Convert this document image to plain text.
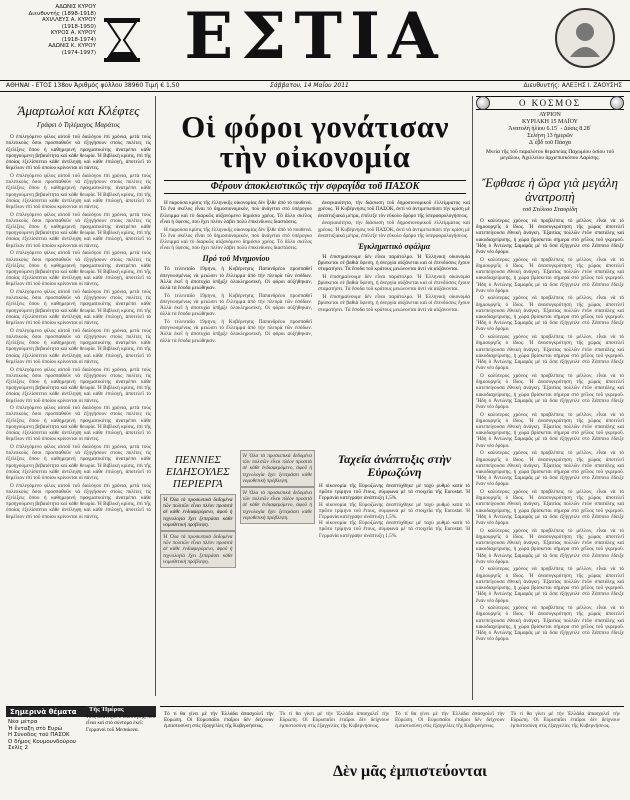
ΑΔΩΝΙΣ ΚΥΡΟΥ
Διευθυντής (1898-1918)
ΑΧΙΛΛΕΥΣ Α. ΚΥΡΟΥ
(1918-1950)
ΚΥΡΟΣ Α. ΚΥΡΟΥ
(1918-1974)
ΑΔΩΝΙΣ Κ. ΚΥΡΟΥ
(1974-1997)	ΕΣΤΙΑ
ΑΘΗΝΑΙ - ΕΤΟΣ 138ον Άριθμός φύλλου 38960 Τιμή € 1,50	Σάββατον, 14 Μαΐου 2011	Διευθυντής: ΑΛΕΞΗΣ Ι. ΖΑΟΥΣΗΣ
Άμαρτωλοί και Κλέφτες
Γράφει ὁ Τηλέμαχος Μαράτος

Ο ἐπιλεγόμενο φίλος αὐτοῦ τοῦ διαλόγου ἐπὶ χρόνια, μετὰ τοὺς πολιτικοὺς ὅσοι προσπαθοῦν νὰ ἐξηγήσουν στοὺς πολίτες τὶς ἐξελίξεις ὅπου ἡ καθημερινὴ πραγματικότης ἀνατρέπει κάθε προηγούμενη βεβαιότητα καὶ κάθε θεωρία. Ἡ Βιβλική κρίσις, ἐπὶ τῆς ὁποίας ἐξελίσσεται κάθε ἀντίληψη καὶ κάθε ἐπιλογή, ἀποτελεῖ τὸ θεμέλιον ἐπὶ τοῦ ὁποίου κρίνονται οἱ πάντες.

Ο ἐπιλεγόμενο φίλος αὐτοῦ τοῦ διαλόγου ἐπὶ χρόνια, μετὰ τοὺς πολιτικοὺς ὅσοι προσπαθοῦν νὰ ἐξηγήσουν στοὺς πολίτες τὶς ἐξελίξεις ὅπου ἡ καθημερινὴ πραγματικότης ἀνατρέπει κάθε προηγούμενη βεβαιότητα καὶ κάθε θεωρία. Ἡ Βιβλική κρίσις, ἐπὶ τῆς ὁποίας ἐξελίσσεται κάθε ἀντίληψη καὶ κάθε ἐπιλογή, ἀποτελεῖ τὸ θεμέλιον ἐπὶ τοῦ ὁποίου κρίνονται οἱ πάντες.

Ο ἐπιλεγόμενο φίλος αὐτοῦ τοῦ διαλόγου ἐπὶ χρόνια, μετὰ τοὺς πολιτικοὺς ὅσοι προσπαθοῦν νὰ ἐξηγήσουν στοὺς πολίτες τὶς ἐξελίξεις ὅπου ἡ καθημερινὴ πραγματικότης ἀνατρέπει κάθε προηγούμενη βεβαιότητα καὶ κάθε θεωρία. Ἡ Βιβλική κρίσις, ἐπὶ τῆς ὁποίας ἐξελίσσεται κάθε ἀντίληψη καὶ κάθε ἐπιλογή, ἀποτελεῖ τὸ θεμέλιον ἐπὶ τοῦ ὁποίου κρίνονται οἱ πάντες.

Ο ἐπιλεγόμενο φίλος αὐτοῦ τοῦ διαλόγου ἐπὶ χρόνια, μετὰ τοὺς πολιτικοὺς ὅσοι προσπαθοῦν νὰ ἐξηγήσουν στοὺς πολίτες τὶς ἐξελίξεις ὅπου ἡ καθημερινὴ πραγματικότης ἀνατρέπει κάθε προηγούμενη βεβαιότητα καὶ κάθε θεωρία. Ἡ Βιβλική κρίσις, ἐπὶ τῆς ὁποίας ἐξελίσσεται κάθε ἀντίληψη καὶ κάθε ἐπιλογή, ἀποτελεῖ τὸ θεμέλιον ἐπὶ τοῦ ὁποίου κρίνονται οἱ πάντες.

Ο ἐπιλεγόμενο φίλος αὐτοῦ τοῦ διαλόγου ἐπὶ χρόνια, μετὰ τοὺς πολιτικοὺς ὅσοι προσπαθοῦν νὰ ἐξηγήσουν στοὺς πολίτες τὶς ἐξελίξεις ὅπου ἡ καθημερινὴ πραγματικότης ἀνατρέπει κάθε προηγούμενη βεβαιότητα καὶ κάθε θεωρία. Ἡ Βιβλική κρίσις, ἐπὶ τῆς ὁποίας ἐξελίσσεται κάθε ἀντίληψη καὶ κάθε ἐπιλογή, ἀποτελεῖ τὸ θεμέλιον ἐπὶ τοῦ ὁποίου κρίνονται οἱ πάντες.

Ο ἐπιλεγόμενο φίλος αὐτοῦ τοῦ διαλόγου ἐπὶ χρόνια, μετὰ τοὺς πολιτικοὺς ὅσοι προσπαθοῦν νὰ ἐξηγήσουν στοὺς πολίτες τὶς ἐξελίξεις ὅπου ἡ καθημερινὴ πραγματικότης ἀνατρέπει κάθε προηγούμενη βεβαιότητα καὶ κάθε θεωρία. Ἡ Βιβλική κρίσις, ἐπὶ τῆς ὁποίας ἐξελίσσεται κάθε ἀντίληψη καὶ κάθε ἐπιλογή, ἀποτελεῖ τὸ θεμέλιον ἐπὶ τοῦ ὁποίου κρίνονται οἱ πάντες.

Ο ἐπιλεγόμενο φίλος αὐτοῦ τοῦ διαλόγου ἐπὶ χρόνια, μετὰ τοὺς πολιτικοὺς ὅσοι προσπαθοῦν νὰ ἐξηγήσουν στοὺς πολίτες τὶς ἐξελίξεις ὅπου ἡ καθημερινὴ πραγματικότης ἀνατρέπει κάθε προηγούμενη βεβαιότητα καὶ κάθε θεωρία. Ἡ Βιβλική κρίσις, ἐπὶ τῆς ὁποίας ἐξελίσσεται κάθε ἀντίληψη καὶ κάθε ἐπιλογή, ἀποτελεῖ τὸ θεμέλιον ἐπὶ τοῦ ὁποίου κρίνονται οἱ πάντες.

Ο ἐπιλεγόμενο φίλος αὐτοῦ τοῦ διαλόγου ἐπὶ χρόνια, μετὰ τοὺς πολιτικοὺς ὅσοι προσπαθοῦν νὰ ἐξηγήσουν στοὺς πολίτες τὶς ἐξελίξεις ὅπου ἡ καθημερινὴ πραγματικότης ἀνατρέπει κάθε προηγούμενη βεβαιότητα καὶ κάθε θεωρία. Ἡ Βιβλική κρίσις, ἐπὶ τῆς ὁποίας ἐξελίσσεται κάθε ἀντίληψη καὶ κάθε ἐπιλογή, ἀποτελεῖ τὸ θεμέλιον ἐπὶ τοῦ ὁποίου κρίνονται οἱ πάντες.

Ο ἐπιλεγόμενο φίλος αὐτοῦ τοῦ διαλόγου ἐπὶ χρόνια, μετὰ τοὺς πολιτικοὺς ὅσοι προσπαθοῦν νὰ ἐξηγήσουν στοὺς πολίτες τὶς ἐξελίξεις ὅπου ἡ καθημερινὴ πραγματικότης ἀνατρέπει κάθε προηγούμενη βεβαιότητα καὶ κάθε θεωρία. Ἡ Βιβλική κρίσις, ἐπὶ τῆς ὁποίας ἐξελίσσεται κάθε ἀντίληψη καὶ κάθε ἐπιλογή, ἀποτελεῖ τὸ θεμέλιον ἐπὶ τοῦ ὁποίου κρίνονται οἱ πάντες.

Ο ἐπιλεγόμενο φίλος αὐτοῦ τοῦ διαλόγου ἐπὶ χρόνια, μετὰ τοὺς πολιτικοὺς ὅσοι προσπαθοῦν νὰ ἐξηγήσουν στοὺς πολίτες τὶς ἐξελίξεις ὅπου ἡ καθημερινὴ πραγματικότης ἀνατρέπει κάθε προηγούμενη βεβαιότητα καὶ κάθε θεωρία. Ἡ Βιβλική κρίσις, ἐπὶ τῆς ὁποίας ἐξελίσσεται κάθε ἀντίληψη καὶ κάθε ἐπιλογή, ἀποτελεῖ τὸ θεμέλιον ἐπὶ τοῦ ὁποίου κρίνονται οἱ πάντες.

Οἱ φόροι γονάτισαν τὴν οἰκονομία
Φέρουν ἀποκλειστικῶς τὴν σφραγίδα τοῦ ΠΑΣΟΚ

Η παρούσα κρίσις τῆς ἑλληνικῆς οἰκονομίας δὲν ἦλθε ἀπὸ τὸ πουθενά. Τὸ ἕνα σκέλος εἶναι τὸ δημοσιονομικόν, ποὺ ἀνάγεται στὸ ὑπέρογκο ἔλλειμμα καὶ τὸ διαρκῶς αὐξανόμενο δημόσιο χρέος. Τὸ ἄλλο σκέλος εἶναι ἡ ὕφεσις, ποὺ ἔχει πλέον λάβει πολὺ ἐπικίνδυνες διαστάσεις.

Η παρούσα κρίσις τῆς ἑλληνικῆς οἰκονομίας δὲν ἦλθε ἀπὸ τὸ πουθενά. Τὸ ἕνα σκέλος εἶναι τὸ δημοσιονομικόν, ποὺ ἀνάγεται στὸ ὑπέρογκο ἔλλειμμα καὶ τὸ διαρκῶς αὐξανόμενο δημόσιο χρέος. Τὸ ἄλλο σκέλος εἶναι ἡ ὕφεσις, ποὺ ἔχει πλέον λάβει πολὺ ἐπικίνδυνες διαστάσεις.

Πρό τοῦ Μνημονίου

Τὸ τελευταῖο 19μηνο, ἡ Κυβέρνησις Παπανδρέου προσπαθεῖ ἀπεγνωσμένως νὰ μειώσει τὸ ἔλλειμμα ἀπὸ τὴν πλευρὰ τῶν ἐσόδων. Ἀλλὰ ἐκεῖ ἡ ἀποτυχία ὑπῆρξε ὁλοκληρωτική. Οἱ φόροι αὐξήθηκαν, ἀλλὰ τὰ ἔσοδα μειώθηκαν.

Τὸ τελευταῖο 19μηνο, ἡ Κυβέρνησις Παπανδρέου προσπαθεῖ ἀπεγνωσμένως νὰ μειώσει τὸ ἔλλειμμα ἀπὸ τὴν πλευρὰ τῶν ἐσόδων. Ἀλλὰ ἐκεῖ ἡ ἀποτυχία ὑπῆρξε ὁλοκληρωτική. Οἱ φόροι αὐξήθηκαν, ἀλλὰ τὰ ἔσοδα μειώθηκαν.

Τὸ τελευταῖο 19μηνο, ἡ Κυβέρνησις Παπανδρέου προσπαθεῖ ἀπεγνωσμένως νὰ μειώσει τὸ ἔλλειμμα ἀπὸ τὴν πλευρὰ τῶν ἐσόδων. Ἀλλὰ ἐκεῖ ἡ ἀποτυχία ὑπῆρξε ὁλοκληρωτική. Οἱ φόροι αὐξήθηκαν, ἀλλὰ τὰ ἔσοδα μειώθηκαν.

ἀναγκαιότητα, τὴν διάσωση τοῦ δημοσιονομικοῦ ἐλλείμματος καὶ χρέους. Ἡ Κυβέρνησις τοῦ ΠΑΣΟΚ, ἀντὶ νὰ ἀντιμετωπίσει τὴν κρίση μὲ ἀναπτυξιακὰ μέτρα, ἐπέλεξε τὸν εὔκολο δρόμο τῆς ὑπερφορολογήσεως.

ἀναγκαιότητα, τὴν διάσωση τοῦ δημοσιονομικοῦ ἐλλείμματος καὶ χρέους. Ἡ Κυβέρνησις τοῦ ΠΑΣΟΚ, ἀντὶ νὰ ἀντιμετωπίσει τὴν κρίση μὲ ἀναπτυξιακὰ μέτρα, ἐπέλεξε τὸν εὔκολο δρόμο τῆς ὑπερφορολογήσεως.

Ἐγκληματικὸ σφάλμα

Ἡ ἐπισημαίνουμε δὲν εἶναι παράτολμο. Ἡ Ἑλληνικὴ οἰκονομία βρίσκεται σὲ βαθιὰ ὕφεση, ἡ ἀνεργία αὐξάνεται καὶ οἱ ἐπενδύσεις ἔχουν σταματήσει. Τὰ ἔσοδα τοῦ κράτους μειώνονται ἀντὶ νὰ αὐξάνονται.

Ἡ ἐπισημαίνουμε δὲν εἶναι παράτολμο. Ἡ Ἑλληνικὴ οἰκονομία βρίσκεται σὲ βαθιὰ ὕφεση, ἡ ἀνεργία αὐξάνεται καὶ οἱ ἐπενδύσεις ἔχουν σταματήσει. Τὰ ἔσοδα τοῦ κράτους μειώνονται ἀντὶ νὰ αὐξάνονται.

Ἡ ἐπισημαίνουμε δὲν εἶναι παράτολμο. Ἡ Ἑλληνικὴ οἰκονομία βρίσκεται σὲ βαθιὰ ὕφεση, ἡ ἀνεργία αὐξάνεται καὶ οἱ ἐπενδύσεις ἔχουν σταματήσει. Τὰ ἔσοδα τοῦ κράτους μειώνονται ἀντὶ νὰ αὐξάνονται.

ΠΕΝΝΙΕΣ ΕΙΔΗΣΟΥΛΕΣ ΠΕΡΙΕΡΓΑ
Ἡ Ὁλα τὰ προσωπικὰ δεδομένα τῶν πολιτῶν εἶναι πλέον προσιτὰ σὲ κάθε ἐνδιαφερόμενο, ἀφοῦ ἡ τεχνολογία ἔχει ξεπεράσει κάθε νομοθετικὴ πρόβλεψη.
Ἡ Ὁλα τὰ προσωπικὰ δεδομένα τῶν πολιτῶν εἶναι πλέον προσιτὰ σὲ κάθε ἐνδιαφερόμενο, ἀφοῦ ἡ τεχνολογία ἔχει ξεπεράσει κάθε νομοθετικὴ πρόβλεψη.
Ἡ Ὁλα τὰ προσωπικὰ δεδομένα τῶν πολιτῶν εἶναι πλέον προσιτὰ σὲ κάθε ἐνδιαφερόμενο, ἀφοῦ ἡ τεχνολογία ἔχει ξεπεράσει κάθε νομοθετικὴ πρόβλεψη.
Ἡ Ὁλα τὰ προσωπικὰ δεδομένα τῶν πολιτῶν εἶναι πλέον προσιτὰ σὲ κάθε ἐνδιαφερόμενο, ἀφοῦ ἡ τεχνολογία ἔχει ξεπεράσει κάθε νομοθετικὴ πρόβλεψη.
Ταχεῖα ἀνάπτυξις στὴν Εὐρωζώνη

Η οἰκονομία τῆς Εὐρωζώνης ἀναπτύχθηκε μὲ ταχὺ ρυθμὸ κατὰ τὸ πρῶτο τρίμηνο τοῦ ἔτους, σύμφωνα μὲ τὰ στοιχεῖα τῆς Eurostat. Ἡ Γερμανία κατέγραψε ἀνάπτυξη 1,5%.

Η οἰκονομία τῆς Εὐρωζώνης ἀναπτύχθηκε μὲ ταχὺ ρυθμὸ κατὰ τὸ πρῶτο τρίμηνο τοῦ ἔτους, σύμφωνα μὲ τὰ στοιχεῖα τῆς Eurostat. Ἡ Γερμανία κατέγραψε ἀνάπτυξη 1,5%.

Η οἰκονομία τῆς Εὐρωζώνης ἀναπτύχθηκε μὲ ταχὺ ρυθμὸ κατὰ τὸ πρῶτο τρίμηνο τοῦ ἔτους, σύμφωνα μὲ τὰ στοιχεῖα τῆς Eurostat. Ἡ Γερμανία κατέγραψε ἀνάπτυξη 1,5%.

Ο ΚΟΣΜΟΣ
ΑΥΡΙΟΝ
ΚΥΡΙΑΚΗ 15 ΜΑΪΟΥ
Ἀνατολὴ ἡλίου 6.15΄ - Δύσις 8.28΄
Σελήνη 13 ἡμερῶν
Δ΄ἑβδ τοῦ Πάσχα
Μνεία τῆς τοῦ παραλύτου θεραπείας Παχωμίου ὁσίου τοῦ μεγάλου, Ἀχιλλείου ἀρχιεπισκόπου Λαρίσης.
Ἔφθασε ἡ ὥρα γιὰ μεγάλη ἀνατροπὴ
τοῦ Στέλιου Σταυρίδη

Ο καλύτερος χρόνος νὰ προβλέπεις τὸ μέλλον, εἶναι νὰ τὸ δημιουργεῖς ὁ ἴδιος. Ἡ ἀνασυγκρότηση τῆς χώρας ἀποτελεῖ κατεπείγουσα ἐθνικὴ ἀνάγκη. Ἐξαιτίας πολλῶν ἐτῶν σπατάλης καὶ κακοδιαχείρισης, ἡ χώρα βρίσκεται σήμερα στὸ χεῖλος τοῦ γκρεμοῦ. Ἤδη ὁ Ἀντώνης Σαμαρᾶς μὲ τὰ ὅσα ἐξήγγειλε στὸ Ζάππειο ἔδειξε ἕναν νέο δρόμο.

Ο καλύτερος χρόνος νὰ προβλέπεις τὸ μέλλον, εἶναι νὰ τὸ δημιουργεῖς ὁ ἴδιος. Ἡ ἀνασυγκρότηση τῆς χώρας ἀποτελεῖ κατεπείγουσα ἐθνικὴ ἀνάγκη. Ἐξαιτίας πολλῶν ἐτῶν σπατάλης καὶ κακοδιαχείρισης, ἡ χώρα βρίσκεται σήμερα στὸ χεῖλος τοῦ γκρεμοῦ. Ἤδη ὁ Ἀντώνης Σαμαρᾶς μὲ τὰ ὅσα ἐξήγγειλε στὸ Ζάππειο ἔδειξε ἕναν νέο δρόμο.

Ο καλύτερος χρόνος νὰ προβλέπεις τὸ μέλλον, εἶναι νὰ τὸ δημιουργεῖς ὁ ἴδιος. Ἡ ἀνασυγκρότηση τῆς χώρας ἀποτελεῖ κατεπείγουσα ἐθνικὴ ἀνάγκη. Ἐξαιτίας πολλῶν ἐτῶν σπατάλης καὶ κακοδιαχείρισης, ἡ χώρα βρίσκεται σήμερα στὸ χεῖλος τοῦ γκρεμοῦ. Ἤδη ὁ Ἀντώνης Σαμαρᾶς μὲ τὰ ὅσα ἐξήγγειλε στὸ Ζάππειο ἔδειξε ἕναν νέο δρόμο.

Ο καλύτερος χρόνος νὰ προβλέπεις τὸ μέλλον, εἶναι νὰ τὸ δημιουργεῖς ὁ ἴδιος. Ἡ ἀνασυγκρότηση τῆς χώρας ἀποτελεῖ κατεπείγουσα ἐθνικὴ ἀνάγκη. Ἐξαιτίας πολλῶν ἐτῶν σπατάλης καὶ κακοδιαχείρισης, ἡ χώρα βρίσκεται σήμερα στὸ χεῖλος τοῦ γκρεμοῦ. Ἤδη ὁ Ἀντώνης Σαμαρᾶς μὲ τὰ ὅσα ἐξήγγειλε στὸ Ζάππειο ἔδειξε ἕναν νέο δρόμο.

Ο καλύτερος χρόνος νὰ προβλέπεις τὸ μέλλον, εἶναι νὰ τὸ δημιουργεῖς ὁ ἴδιος. Ἡ ἀνασυγκρότηση τῆς χώρας ἀποτελεῖ κατεπείγουσα ἐθνικὴ ἀνάγκη. Ἐξαιτίας πολλῶν ἐτῶν σπατάλης καὶ κακοδιαχείρισης, ἡ χώρα βρίσκεται σήμερα στὸ χεῖλος τοῦ γκρεμοῦ. Ἤδη ὁ Ἀντώνης Σαμαρᾶς μὲ τὰ ὅσα ἐξήγγειλε στὸ Ζάππειο ἔδειξε ἕναν νέο δρόμο.

Ο καλύτερος χρόνος νὰ προβλέπεις τὸ μέλλον, εἶναι νὰ τὸ δημιουργεῖς ὁ ἴδιος. Ἡ ἀνασυγκρότηση τῆς χώρας ἀποτελεῖ κατεπείγουσα ἐθνικὴ ἀνάγκη. Ἐξαιτίας πολλῶν ἐτῶν σπατάλης καὶ κακοδιαχείρισης, ἡ χώρα βρίσκεται σήμερα στὸ χεῖλος τοῦ γκρεμοῦ. Ἤδη ὁ Ἀντώνης Σαμαρᾶς μὲ τὰ ὅσα ἐξήγγειλε στὸ Ζάππειο ἔδειξε ἕναν νέο δρόμο.

Ο καλύτερος χρόνος νὰ προβλέπεις τὸ μέλλον, εἶναι νὰ τὸ δημιουργεῖς ὁ ἴδιος. Ἡ ἀνασυγκρότηση τῆς χώρας ἀποτελεῖ κατεπείγουσα ἐθνικὴ ἀνάγκη. Ἐξαιτίας πολλῶν ἐτῶν σπατάλης καὶ κακοδιαχείρισης, ἡ χώρα βρίσκεται σήμερα στὸ χεῖλος τοῦ γκρεμοῦ. Ἤδη ὁ Ἀντώνης Σαμαρᾶς μὲ τὰ ὅσα ἐξήγγειλε στὸ Ζάππειο ἔδειξε ἕναν νέο δρόμο.

Ο καλύτερος χρόνος νὰ προβλέπεις τὸ μέλλον, εἶναι νὰ τὸ δημιουργεῖς ὁ ἴδιος. Ἡ ἀνασυγκρότηση τῆς χώρας ἀποτελεῖ κατεπείγουσα ἐθνικὴ ἀνάγκη. Ἐξαιτίας πολλῶν ἐτῶν σπατάλης καὶ κακοδιαχείρισης, ἡ χώρα βρίσκεται σήμερα στὸ χεῖλος τοῦ γκρεμοῦ. Ἤδη ὁ Ἀντώνης Σαμαρᾶς μὲ τὰ ὅσα ἐξήγγειλε στὸ Ζάππειο ἔδειξε ἕναν νέο δρόμο.

Ο καλύτερος χρόνος νὰ προβλέπεις τὸ μέλλον, εἶναι νὰ τὸ δημιουργεῖς ὁ ἴδιος. Ἡ ἀνασυγκρότηση τῆς χώρας ἀποτελεῖ κατεπείγουσα ἐθνικὴ ἀνάγκη. Ἐξαιτίας πολλῶν ἐτῶν σπατάλης καὶ κακοδιαχείρισης, ἡ χώρα βρίσκεται σήμερα στὸ χεῖλος τοῦ γκρεμοῦ. Ἤδη ὁ Ἀντώνης Σαμαρᾶς μὲ τὰ ὅσα ἐξήγγειλε στὸ Ζάππειο ἔδειξε ἕναν νέο δρόμο.

Ο καλύτερος χρόνος νὰ προβλέπεις τὸ μέλλον, εἶναι νὰ τὸ δημιουργεῖς ὁ ἴδιος. Ἡ ἀνασυγκρότηση τῆς χώρας ἀποτελεῖ κατεπείγουσα ἐθνικὴ ἀνάγκη. Ἐξαιτίας πολλῶν ἐτῶν σπατάλης καὶ κακοδιαχείρισης, ἡ χώρα βρίσκεται σήμερα στὸ χεῖλος τοῦ γκρεμοῦ. Ἤδη ὁ Ἀντώνης Σαμαρᾶς μὲ τὰ ὅσα ἐξήγγειλε στὸ Ζάππειο ἔδειξε ἕναν νέο δρόμο.

Ο καλύτερος χρόνος νὰ προβλέπεις τὸ μέλλον, εἶναι νὰ τὸ δημιουργεῖς ὁ ἴδιος. Ἡ ἀνασυγκρότηση τῆς χώρας ἀποτελεῖ κατεπείγουσα ἐθνικὴ ἀνάγκη. Ἐξαιτίας πολλῶν ἐτῶν σπατάλης καὶ κακοδιαχείρισης, ἡ χώρα βρίσκεται σήμερα στὸ χεῖλος τοῦ γκρεμοῦ. Ἤδη ὁ Ἀντώνης Σαμαρᾶς μὲ τὰ ὅσα ἐξήγγειλε στὸ Ζάππειο ἔδειξε ἕναν νέο δρόμο.

Σημερινὰ θέματα
Νέα μέτρα
Ἡ ἕνταξη στὸ Ευρώ
Η Σύνοδος τοῦ ΠΑΣΟΚ
Ο δήμος Κουμουνδούρου
Σελὶς 2
Τῆς Ἡμέρας
Τοὺς ἀπάντησε ὁ ἰδιοκτήτης, ποὺ εἶναι καὶ στὸ σύντομα ἐκεῖ: Γερμανοὶ τοῦ Μεσαίωνα.
Τὸ τί θα γίνει μὲ τὴν Ἑλλάδα ἀπασχολεῖ τὴν Εὐρώπη. Οἱ Εὐρωπαῖοι ἐταῖροι δὲν δείχνουν ἐμπιστοσύνη στὶς ἐξαγγελίες τῆς Κυβερνήσεως.
Τὸ τί θα γίνει μὲ τὴν Ἑλλάδα ἀπασχολεῖ τὴν Εὐρώπη. Οἱ Εὐρωπαῖοι ἐταῖροι δὲν δείχνουν ἐμπιστοσύνη στὶς ἐξαγγελίες τῆς Κυβερνήσεως.
Τὸ τί θα γίνει μὲ τὴν Ἑλλάδα ἀπασχολεῖ τὴν Εὐρώπη. Οἱ Εὐρωπαῖοι ἐταῖροι δὲν δείχνουν ἐμπιστοσύνη στὶς ἐξαγγελίες τῆς Κυβερνήσεως.
Τὸ τί θα γίνει μὲ τὴν Ἑλλάδα ἀπασχολεῖ τὴν Εὐρώπη. Οἱ Εὐρωπαῖοι ἐταῖροι δὲν δείχνουν ἐμπιστοσύνη στὶς ἐξαγγελίες τῆς Κυβερνήσεως.
Δὲν μᾶς ἐμπιστεύονται
